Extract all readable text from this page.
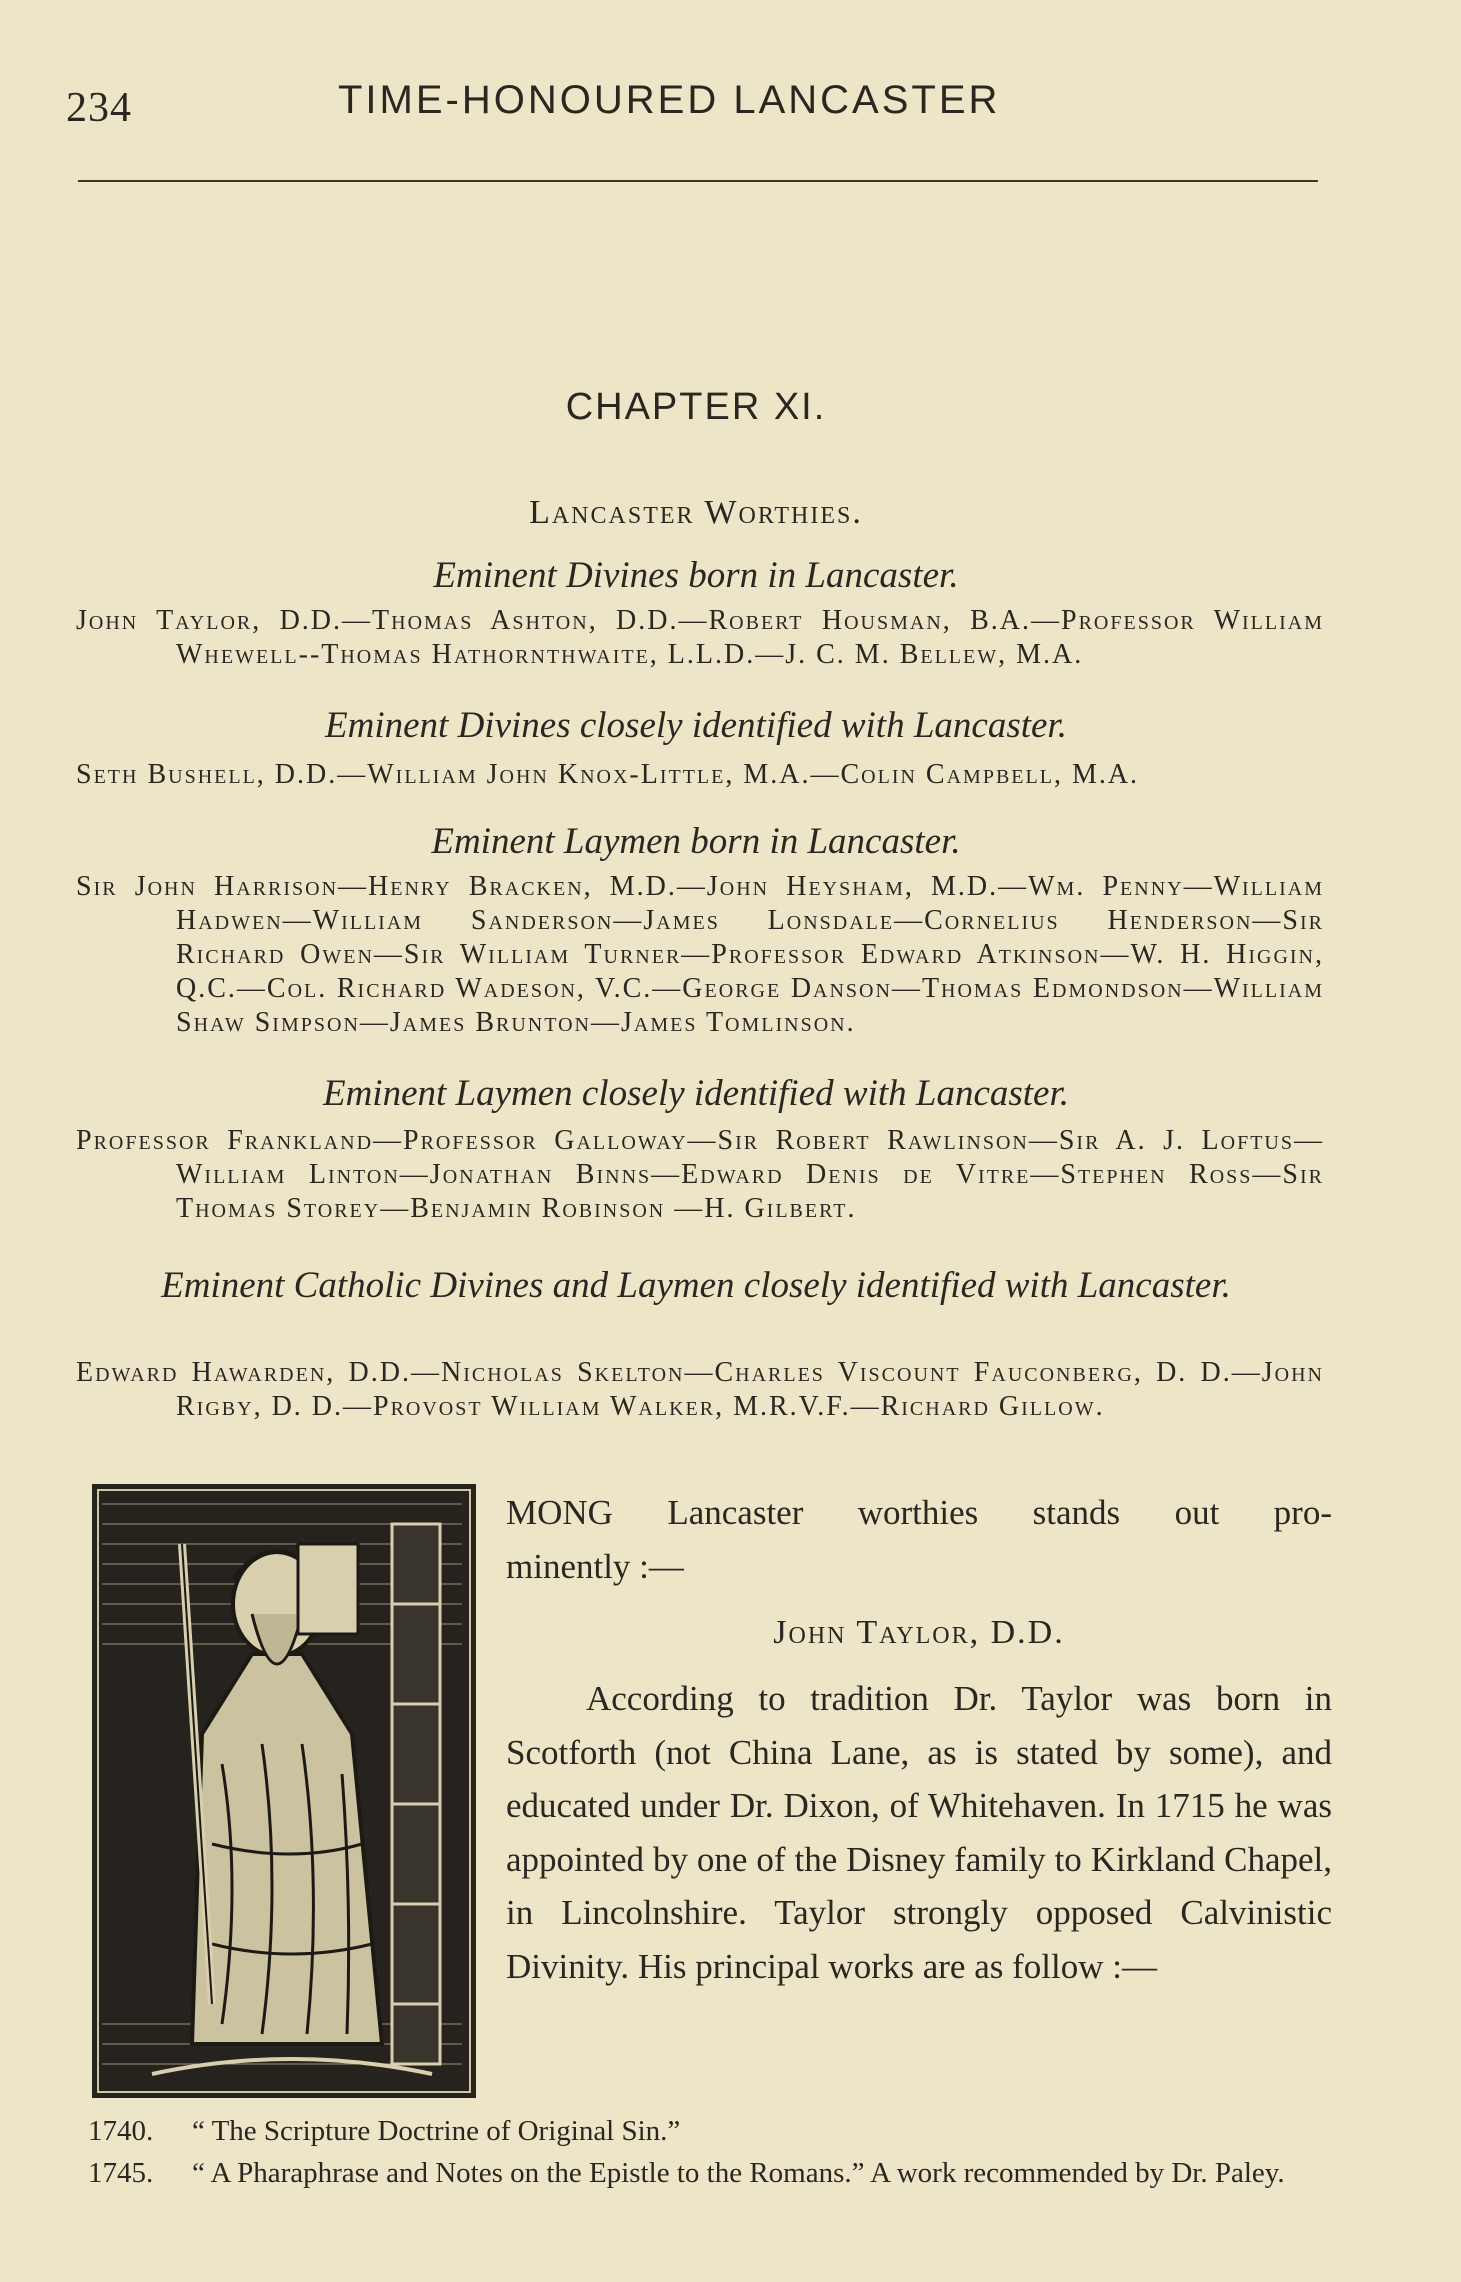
234	TIME-HONOURED LANCASTER
CHAPTER XI.
Lancaster Worthies.
Eminent Divines born in Lancaster.
John Taylor, D.D.—Thomas Ashton, D.D.—Robert Housman, B.A.—Professor William Whewell--Thomas Hathornthwaite, L.L.D.—J. C. M. Bellew, M.A.
Eminent Divines closely identified with Lancaster.
Seth Bushell, D.D.—William John Knox-Little, M.A.—Colin Campbell, M.A.
Eminent Laymen born in Lancaster.
Sir John Harrison—Henry Bracken, M.D.—John Heysham, M.D.—Wm. Penny—William Hadwen—William Sanderson—James Lonsdale—Cornelius Henderson—Sir Richard Owen—Sir William Turner—Professor Edward Atkinson—W. H. Higgin, Q.C.—Col. Richard Wadeson, V.C.—George Danson—Thomas Edmondson—William Shaw Simpson—James Brunton—James Tomlinson.
Eminent Laymen closely identified with Lancaster.
Professor Frankland—Professor Galloway—Sir Robert Rawlinson—Sir A. J. Loftus—William Linton—Jonathan Binns—Edward Denis de Vitre—Stephen Ross—Sir Thomas Storey—Benjamin Robinson —H. Gilbert.
Eminent Catholic Divines and Laymen closely identified with Lancaster.
Edward Hawarden, D.D.—Nicholas Skelton—Charles Viscount Fauconberg, D. D.—John Rigby, D. D.—Provost William Walker, M.R.V.F.—Richard Gillow.
MONG Lancaster worthies stands out pro-
minently :—
John Taylor, D.D.
According to tradition Dr. Taylor was born in Scotforth (not China Lane, as is stated by some), and educated under Dr. Dixon, of Whitehaven. In 1715 he was appointed by one of the Disney family to Kirkland Chapel, in Lincolnshire. Taylor strongly opposed Calvinistic Divinity. His principal works are as follow :—
1740. “ The Scripture Doctrine of Original Sin.”
1745. “ A Pharaphrase and Notes on the Epistle to the Romans.” A work recommended by Dr. Paley.
